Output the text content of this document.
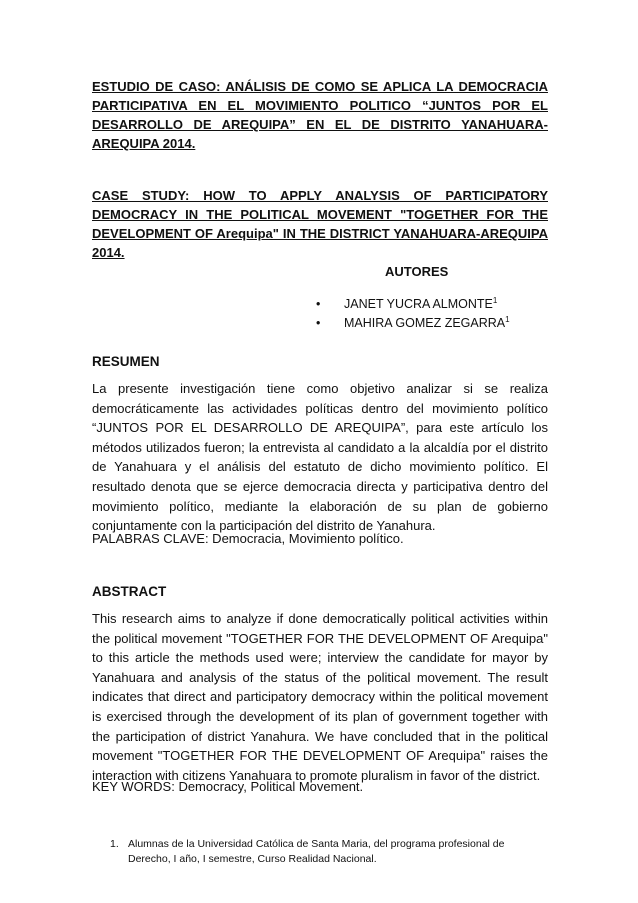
ESTUDIO DE CASO: ANÁLISIS DE COMO SE APLICA LA DEMOCRACIA PARTICIPATIVA EN EL MOVIMIENTO POLITICO “JUNTOS POR EL DESARROLLO DE AREQUIPA” EN EL DE DISTRITO YANAHUARA-AREQUIPA 2014.
CASE STUDY: HOW TO APPLY ANALYSIS OF PARTICIPATORY DEMOCRACY IN THE POLITICAL MOVEMENT "TOGETHER FOR THE DEVELOPMENT OF Arequipa" IN THE DISTRICT YANAHUARA-AREQUIPA 2014.
AUTORES
• JANET YUCRA ALMONTE$^1$
• MAHIRA GOMEZ ZEGARRA$^1$
RESUMEN
La presente investigación tiene como objetivo analizar si se realiza democráticamente las actividades políticas dentro del movimiento político “JUNTOS POR EL DESARROLLO DE AREQUIPA”, para este artículo los métodos utilizados fueron; la entrevista al candidato a la alcaldía por el distrito de Yanahuara y el análisis del estatuto de dicho movimiento político. El resultado denota que se ejerce democracia directa y participativa dentro del movimiento político, mediante la elaboración de su plan de gobierno conjuntamente con la participación del distrito de Yanahura.
PALABRAS CLAVE: Democracia, Movimiento político.
ABSTRACT
This research aims to analyze if done democratically political activities within the political movement "TOGETHER FOR THE DEVELOPMENT OF Arequipa" to this article the methods used were; interview the candidate for mayor by Yanahuara and analysis of the status of the political movement. The result indicates that direct and participatory democracy within the political movement is exercised through the development of its plan of government together with the participation of district Yanahura. We have concluded that in the political movement "TOGETHER FOR THE DEVELOPMENT OF Arequipa" raises the interaction with citizens Yanahuara to promote pluralism in favor of the district.
KEY WORDS: Democracy, Political Movement.
1. Alumnas de la Universidad Católica de Santa Maria, del programa profesional de Derecho, I año, I semestre, Curso Realidad Nacional.
